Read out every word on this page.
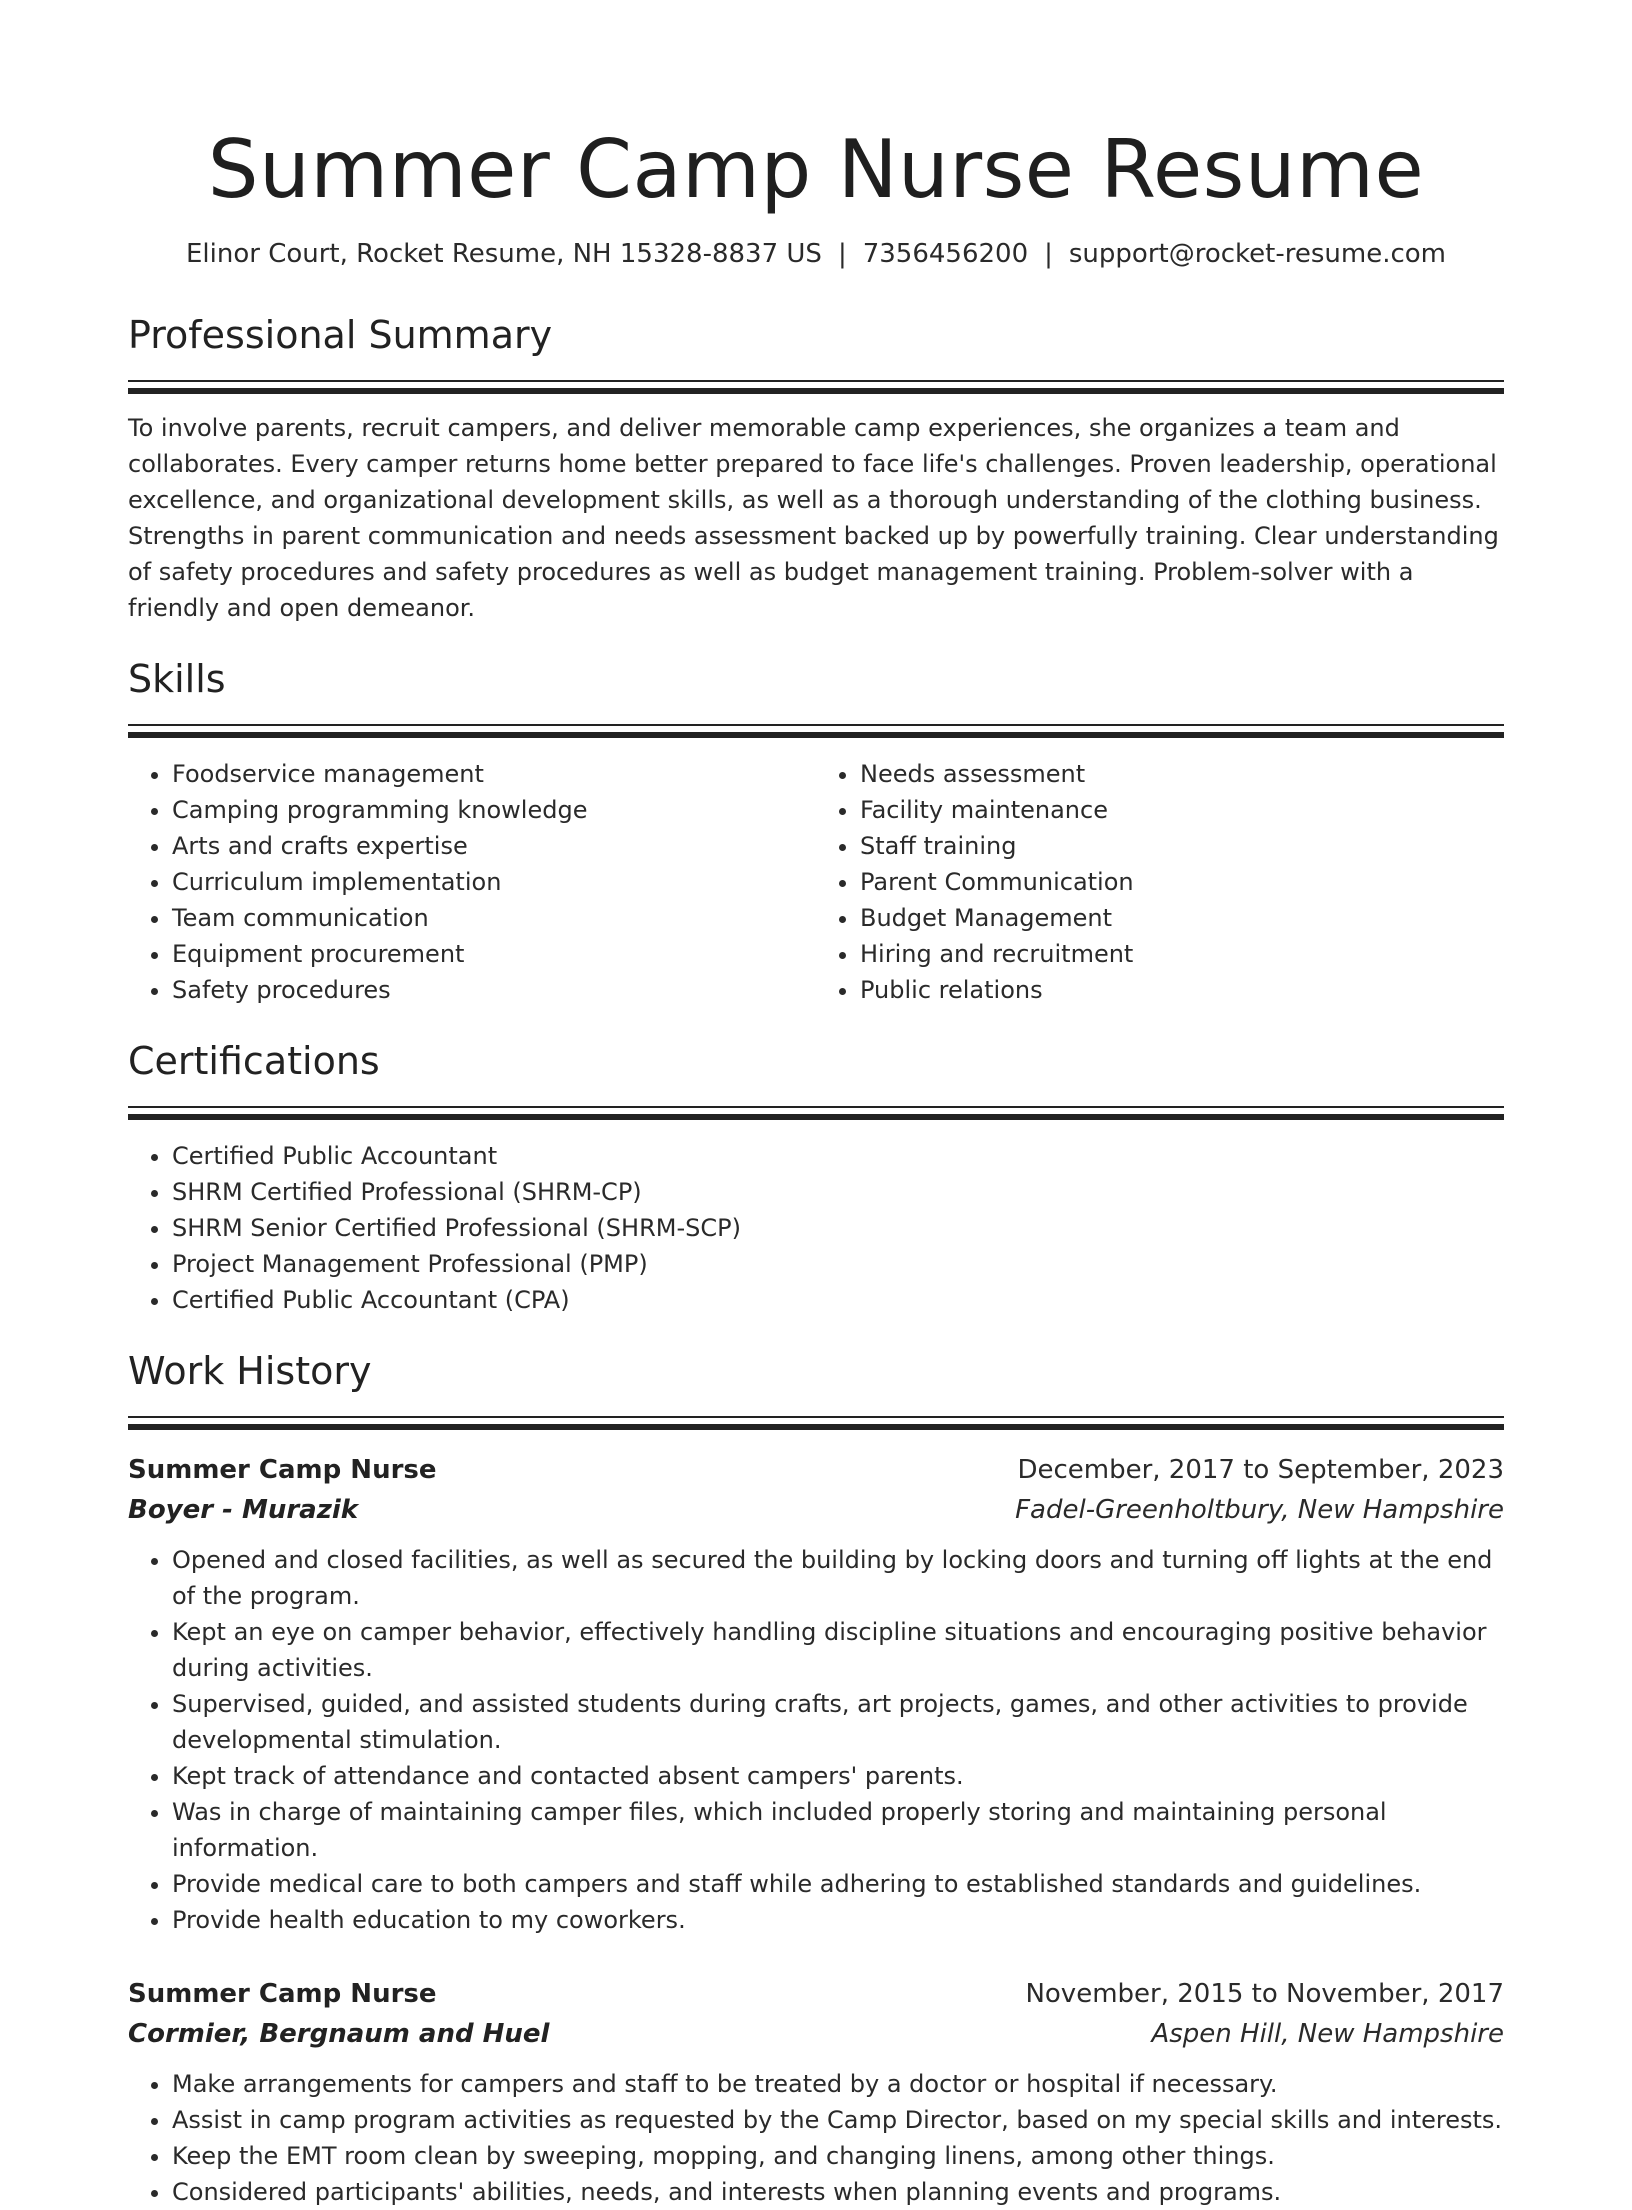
Summer Camp Nurse Resume
Elinor Court, Rocket Resume, NH 15328-8837 US | 7356456200 | support@rocket-resume.com
Professional Summary

To involve parents, recruit campers, and deliver memorable camp experiences, she organizes a team and collaborates. Every camper returns home better prepared to face life's challenges. Proven leadership, operational excellence, and organizational development skills, as well as a thorough understanding of the clothing business. Strengths in parent communication and needs assessment backed up by powerfully training. Clear understanding of safety procedures and safety procedures as well as budget management training. Problem-solver with a friendly and open demeanor.

Skills
• Foodservice management
• Camping programming knowledge
• Arts and crafts expertise
• Curriculum implementation
• Team communication
• Equipment procurement
• Safety procedures
• Needs assessment
• Facility maintenance
• Staff training
• Parent Communication
• Budget Management
• Hiring and recruitment
• Public relations
Certifications
• Certified Public Accountant
• SHRM Certified Professional (SHRM-CP)
• SHRM Senior Certified Professional (SHRM-SCP)
• Project Management Professional (PMP)
• Certified Public Accountant (CPA)
Work History
Summer Camp Nurse	December, 2017 to September, 2023
Boyer - Murazik	Fadel-Greenholtbury, New Hampshire
• Opened and closed facilities, as well as secured the building by locking doors and turning off lights at the end of the program.
• Kept an eye on camper behavior, effectively handling discipline situations and encouraging positive behavior during activities.
• Supervised, guided, and assisted students during crafts, art projects, games, and other activities to provide developmental stimulation.
• Kept track of attendance and contacted absent campers' parents.
• Was in charge of maintaining camper files, which included properly storing and maintaining personal information.
• Provide medical care to both campers and staff while adhering to established standards and guidelines.
• Provide health education to my coworkers.
Summer Camp Nurse	November, 2015 to November, 2017
Cormier, Bergnaum and Huel	Aspen Hill, New Hampshire
• Make arrangements for campers and staff to be treated by a doctor or hospital if necessary.
• Assist in camp program activities as requested by the Camp Director, based on my special skills and interests.
• Keep the EMT room clean by sweeping, mopping, and changing linens, among other things.
• Considered participants' abilities, needs, and interests when planning events and programs.
